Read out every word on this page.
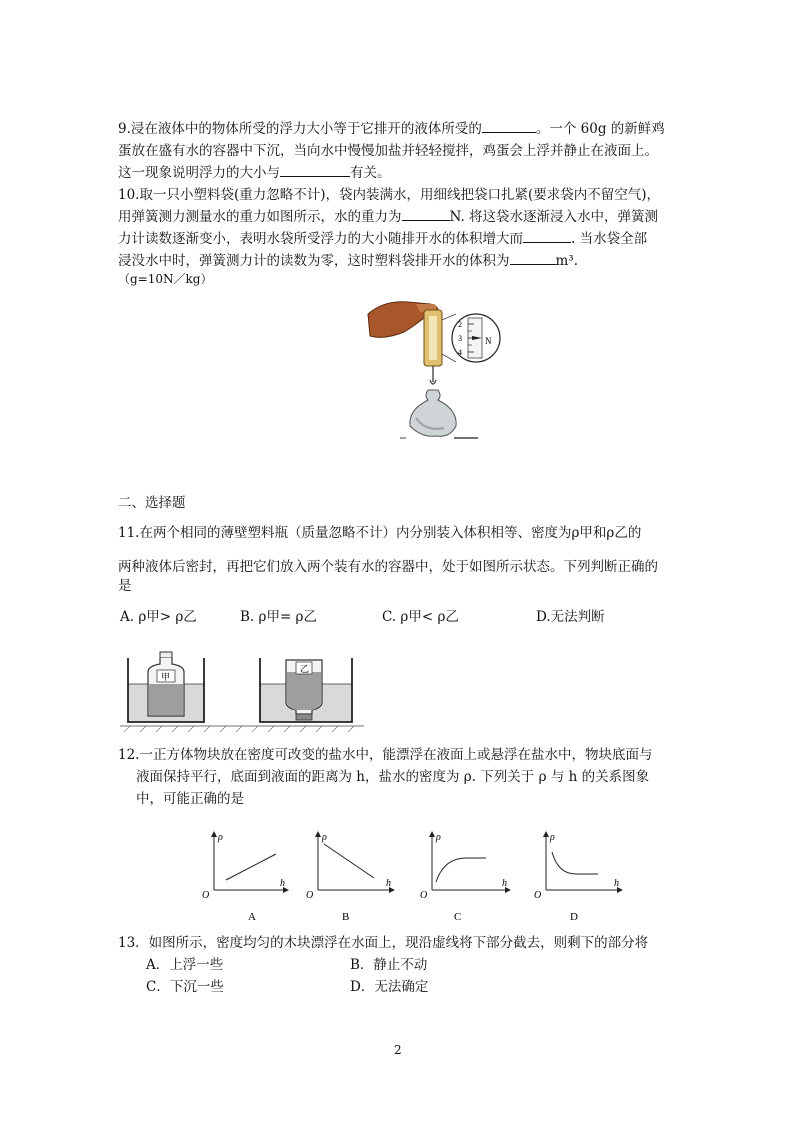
9.浸在液体中的物体所受的浮力大小等于它排开的液体所受的	。一个 60g 的新鲜鸡
蛋放在盛有水的容器中下沉，当向水中慢慢加盐并轻轻搅拌，鸡蛋会上浮并静止在液面上。
这一现象说明浮力的大小与	有关。
10.取一只小塑料袋(重力忽略不计)，袋内装满水，用细线把袋口扎紧(要求袋内不留空气)，
用弹簧测力测量水的重力如图所示，水的重力为	N. 将这袋水逐渐浸入水中，弹簧测
力计读数逐渐变小，表明水袋所受浮力的大小随排开水的体积增大而	. 当水袋全部
浸没水中时，弹簧测力计的读数为零，这时塑料袋排开水的体积为	m³.
（g=10N／kg）
2
3
4
N
二、选择题
11.在两个相同的薄壁塑料瓶（质量忽略不计）内分别装入体积相等、密度为ρ甲和ρ乙的
两种液体后密封，再把它们放入两个装有水的容器中，处于如图所示状态。下列判断正确的
是
A. ρ甲> ρ乙	B. ρ甲= ρ乙	C. ρ甲< ρ乙	D.无法判断
甲
乙
12.一正方体物块放在密度可改变的盐水中，能漂浮在液面上或悬浮在盐水中，物块底面与
液面保持平行，底面到液面的距离为 h，盐水的密度为 ρ. 下列关于 ρ 与 h 的关系图象
中，可能正确的是
ρ
h
O
A
ρ
h
O
B
ρ
h
O
C
ρ
h
O
D
13．如图所示，密度均匀的木块漂浮在水面上，现沿虚线将下部分截去，则剩下的部分将
A．上浮一些	B．静止不动
C．下沉一些	D．无法确定
2
